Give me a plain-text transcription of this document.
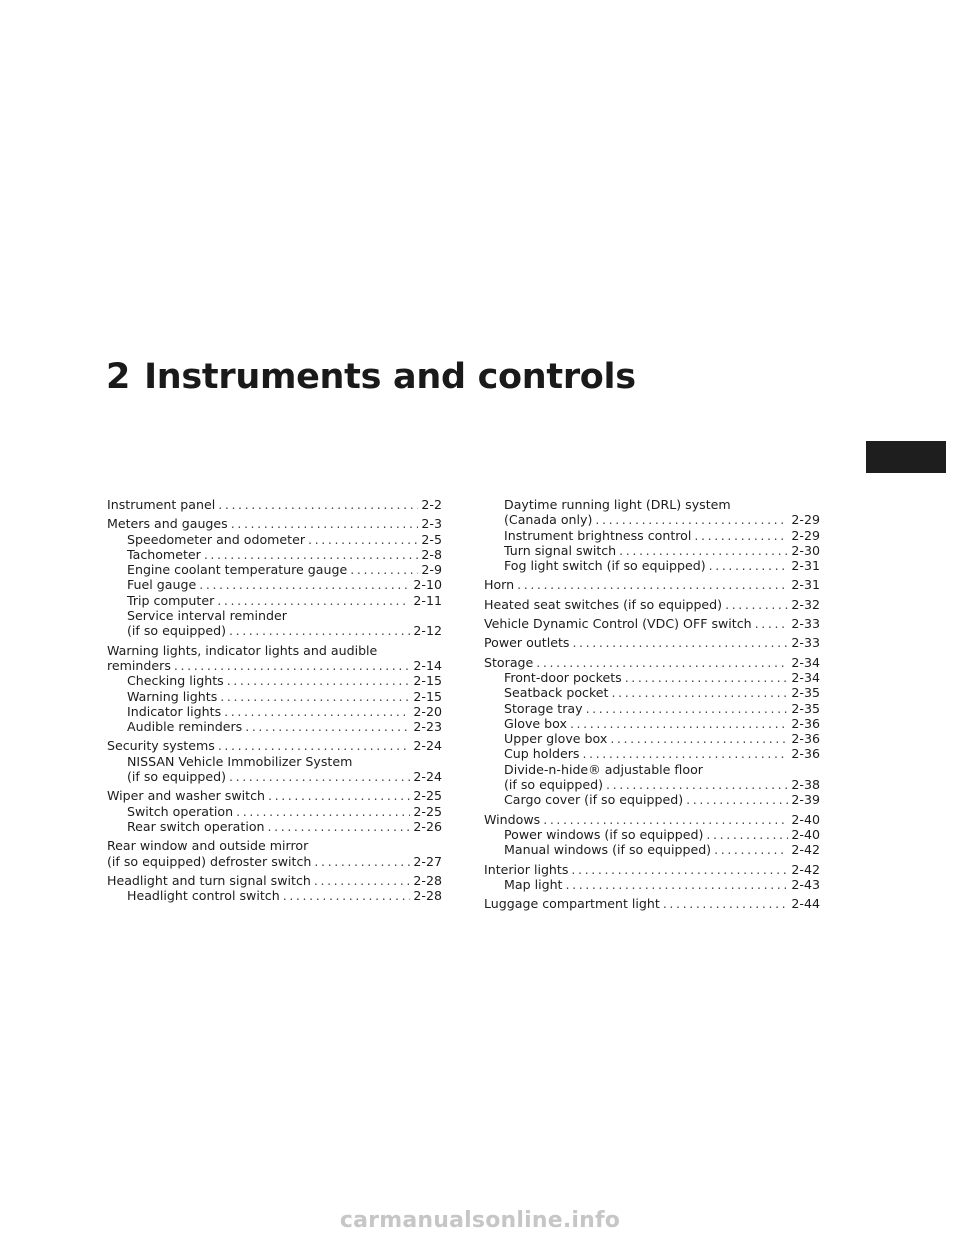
2 Instruments and controls
Instrument panel .....	2-2
Meters and gauges .....	2-3
Speedometer and odometer .....	2-5
Tachometer .....	2-8
Engine coolant temperature gauge .....	2-9
Fuel gauge .....	2-10
Trip computer .....	2-11
Service interval reminder
(if so equipped) .....	2-12
Warning lights, indicator lights and audible
reminders .....	2-14
Checking lights .....	2-15
Warning lights .....	2-15
Indicator lights .....	2-20
Audible reminders .....	2-23
Security systems .....	2-24
NISSAN Vehicle Immobilizer System
(if so equipped) .....	2-24
Wiper and washer switch .....	2-25
Switch operation .....	2-25
Rear switch operation .....	2-26
Rear window and outside mirror
(if so equipped) defroster switch .....	2-27
Headlight and turn signal switch .....	2-28
Headlight control switch .....	2-28
Daytime running light (DRL) system
(Canada only) .....	2-29
Instrument brightness control .....	2-29
Turn signal switch .....	2-30
Fog light switch (if so equipped) .....	2-31
Horn .....	2-31
Heated seat switches (if so equipped) .....	2-32
Vehicle Dynamic Control (VDC) OFF switch .....	2-33
Power outlets .....	2-33
Storage .....	2-34
Front-door pockets .....	2-34
Seatback pocket .....	2-35
Storage tray .....	2-35
Glove box .....	2-36
Upper glove box .....	2-36
Cup holders .....	2-36
Divide-n-hide® adjustable floor
(if so equipped) .....	2-38
Cargo cover (if so equipped) .....	2-39
Windows .....	2-40
Power windows (if so equipped) .....	2-40
Manual windows (if so equipped) .....	2-42
Interior lights .....	2-42
Map light .....	2-43
Luggage compartment light .....	2-44
carmanualsonline.info
